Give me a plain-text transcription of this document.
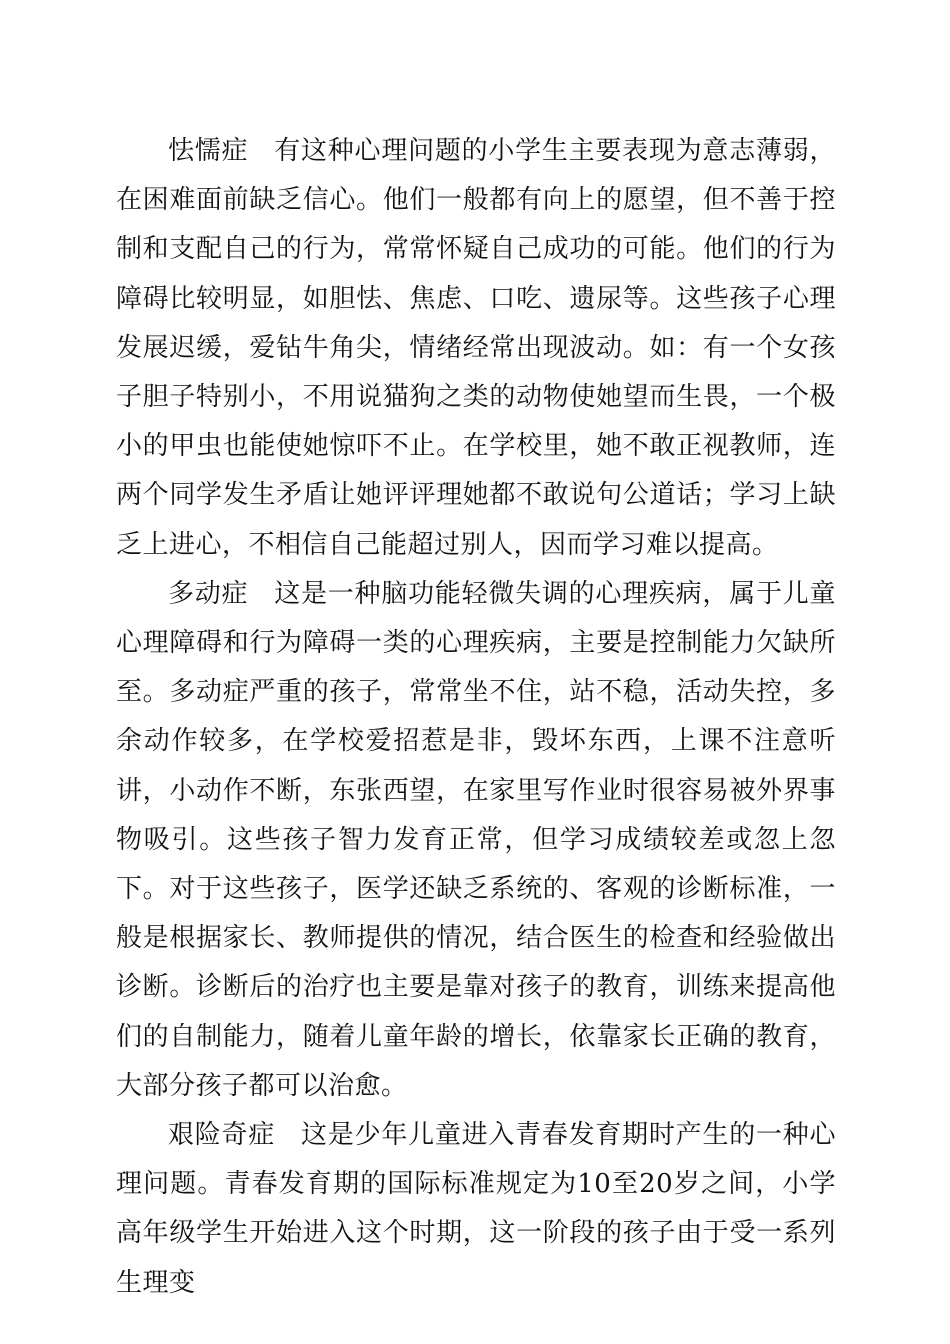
怯懦症 有这种心理问题的小学生主要表现为意志薄弱，在困难面前缺乏信心。他们一般都有向上的愿望，但不善于控制和支配自己的行为，常常怀疑自己成功的可能。他们的行为障碍比较明显，如胆怯、焦虑、口吃、遗尿等。这些孩子心理发展迟缓，爱钻牛角尖，情绪经常出现波动。如：有一个女孩子胆子特别小，不用说猫狗之类的动物使她望而生畏，一个极小的甲虫也能使她惊吓不止。在学校里，她不敢正视教师，连两个同学发生矛盾让她评评理她都不敢说句公道话；学习上缺乏上进心，不相信自己能超过别人，因而学习难以提高。

多动症 这是一种脑功能轻微失调的心理疾病，属于儿童心理障碍和行为障碍一类的心理疾病，主要是控制能力欠缺所至。多动症严重的孩子，常常坐不住，站不稳，活动失控，多余动作较多，在学校爱招惹是非，毁坏东西，上课不注意听讲，小动作不断，东张西望，在家里写作业时很容易被外界事物吸引。这些孩子智力发育正常，但学习成绩较差或忽上忽下。对于这些孩子，医学还缺乏系统的、客观的诊断标准，一般是根据家长、教师提供的情况，结合医生的检查和经验做出诊断。诊断后的治疗也主要是靠对孩子的教育，训练来提高他们的自制能力，随着儿童年龄的增长，依靠家长正确的教育，大部分孩子都可以治愈。

艰险奇症 这是少年儿童进入青春发育期时产生的一种心理问题。青春发育期的国际标准规定为10至20岁之间，小学高年级学生开始进入这个时期，这一阶段的孩子由于受一系列生理变
